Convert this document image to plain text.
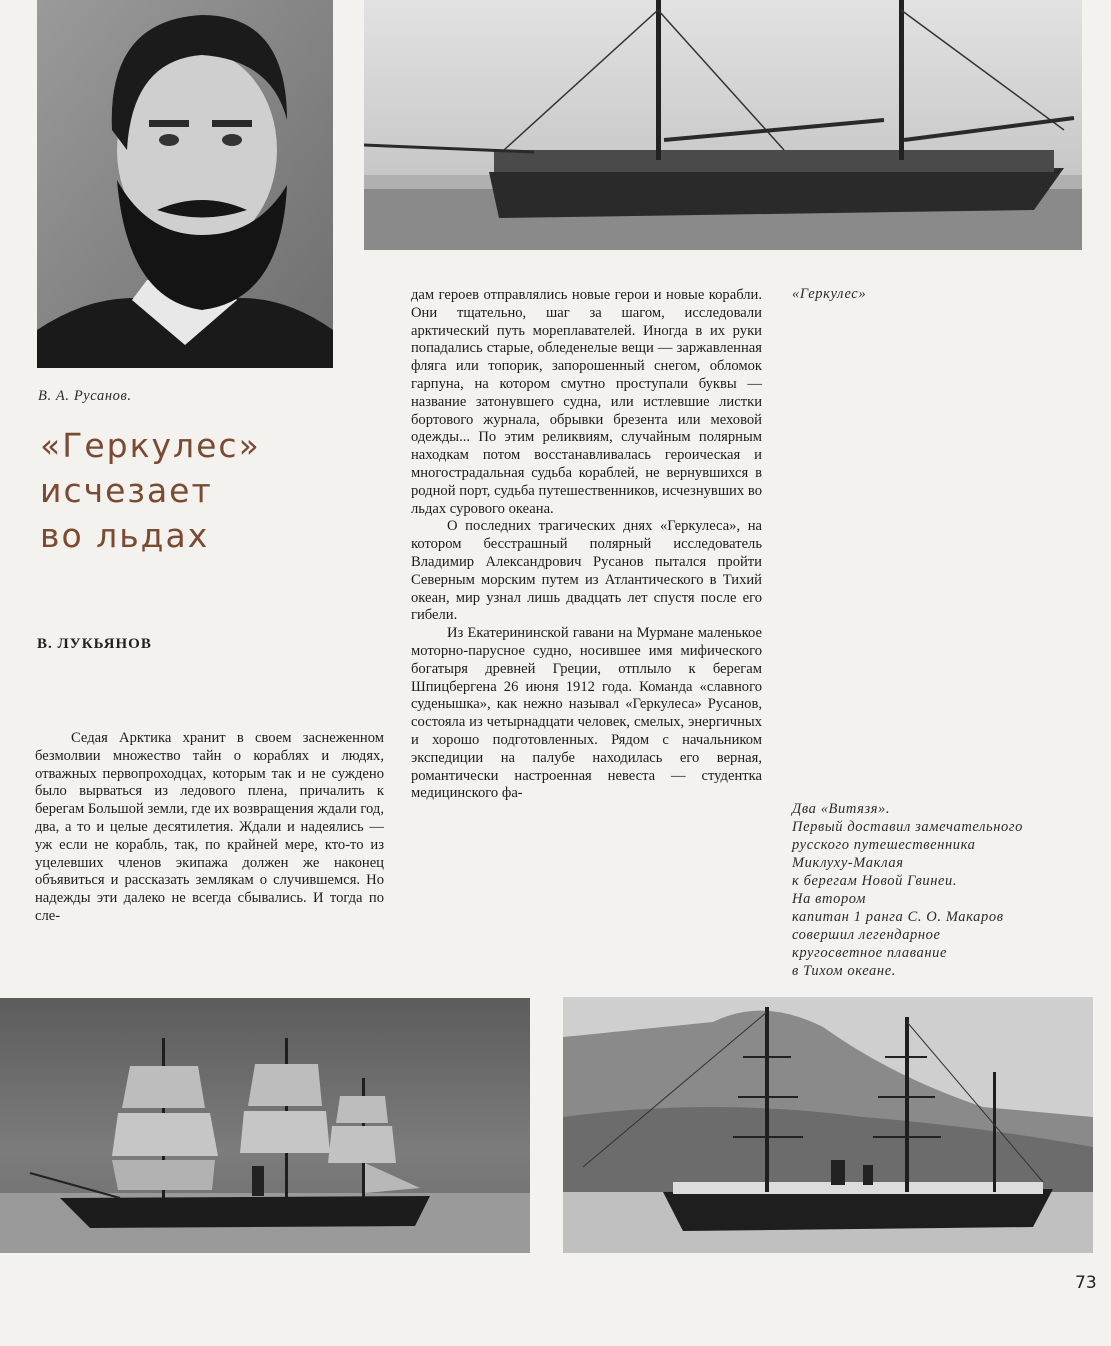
В. А. Русанов.
«Геркулес»
«Геркулес»
исчезает
во льдах
В. ЛУКЬЯНОВ

Седая Арктика хранит в своем заснеженном безмолвии множество тайн о кораблях и людях, отважных первопроходцах, которым так и не суждено было вырваться из ледового плена, причалить к берегам Большой земли, где их возвращения ждали год, два, а то и целые десятилетия. Ждали и надеялись — уж если не корабль, так, по крайней мере, кто-то из уцелевших членов экипажа должен же наконец объявиться и рассказать землякам о случившемся. Но надежды эти далеко не всегда сбывались. И тогда по сле-

дам героев отправлялись новые герои и новые корабли. Они тщательно, шаг за шагом, исследовали арктический путь мореплавателей. Иногда в их руки попадались старые, обледенелые вещи — заржавленная фляга или топорик, запорошенный снегом, обломок гарпуна, на котором смутно проступали буквы — название затонувшего судна, или истлевшие листки бортового журнала, обрывки брезента или меховой одежды... По этим реликвиям, случайным полярным находкам потом восстанавливалась героическая и многострадальная судьба кораблей, не вернувшихся в родной порт, судьба путешественников, исчезнувших во льдах сурового океана.

О последних трагических днях «Геркулеса», на котором бесстрашный полярный исследователь Владимир Александрович Русанов пытался пройти Северным морским путем из Атлантического в Тихий океан, мир узнал лишь двадцать лет спустя после его гибели.

Из Екатерининской гавани на Мурмане маленькое моторно-парусное судно, носившее имя мифического богатыря древней Греции, отплыло к берегам Шпицбергена 26 июня 1912 года. Команда «славного суденышка», как нежно называл «Геркулеса» Русанов, состояла из четырнадцати человек, смелых, энергичных и хорошо подготовленных. Рядом с начальником экспедиции на палубе находилась его верная, романтически настроенная невеста — студентка медицинского фа-

Два «Витязя».
Первый доставил замечательного
русского путешественника
Миклуху-Маклая
к берегам Новой Гвинеи.
На втором
капитан 1 ранга С. О. Макаров
совершил легендарное
кругосветное плавание
в Тихом океане.
73
